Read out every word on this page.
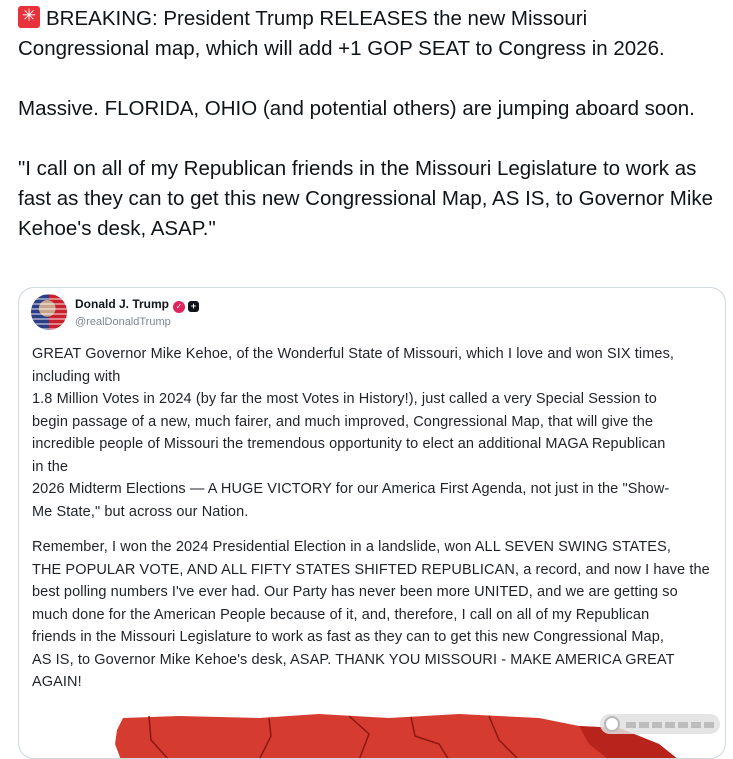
✳BREAKING: President Trump RELEASES the new Missouri Congressional map, which will add +1 GOP SEAT to Congress in 2026.

Massive. FLORIDA, OHIO (and potential others) are jumping aboard soon.

"I call on all of my Republican friends in the Missouri Legislature to work as fast as they can to get this new Congressional Map, AS IS, to Governor Mike Kehoe's desk, ASAP."

Donald J. Trump ✓ +
@realDonaldTrump
GREAT Governor Mike Kehoe, of the Wonderful State of Missouri, which I love and won SIX times,
including with
1.8 Million Votes in 2024 (by far the most Votes in History!), just called a very Special Session to
begin passage of a new, much fairer, and much improved, Congressional Map, that will give the
incredible people of Missouri the tremendous opportunity to elect an additional MAGA Republican
in the
2026 Midterm Elections — A HUGE VICTORY for our America First Agenda, not just in the "Show-
Me State," but across our Nation.
Remember, I won the 2024 Presidential Election in a landslide, won ALL SEVEN SWING STATES,
THE POPULAR VOTE, AND ALL FIFTY STATES SHIFTED REPUBLICAN, a record, and now I have the
best polling numbers I've ever had. Our Party has never been more UNITED, and we are getting so
much done for the American People because of it, and, therefore, I call on all of my Republican
friends in the Missouri Legislature to work as fast as they can to get this new Congressional Map,
AS IS, to Governor Mike Kehoe's desk, ASAP. THANK YOU MISSOURI - MAKE AMERICA GREAT
AGAIN!
